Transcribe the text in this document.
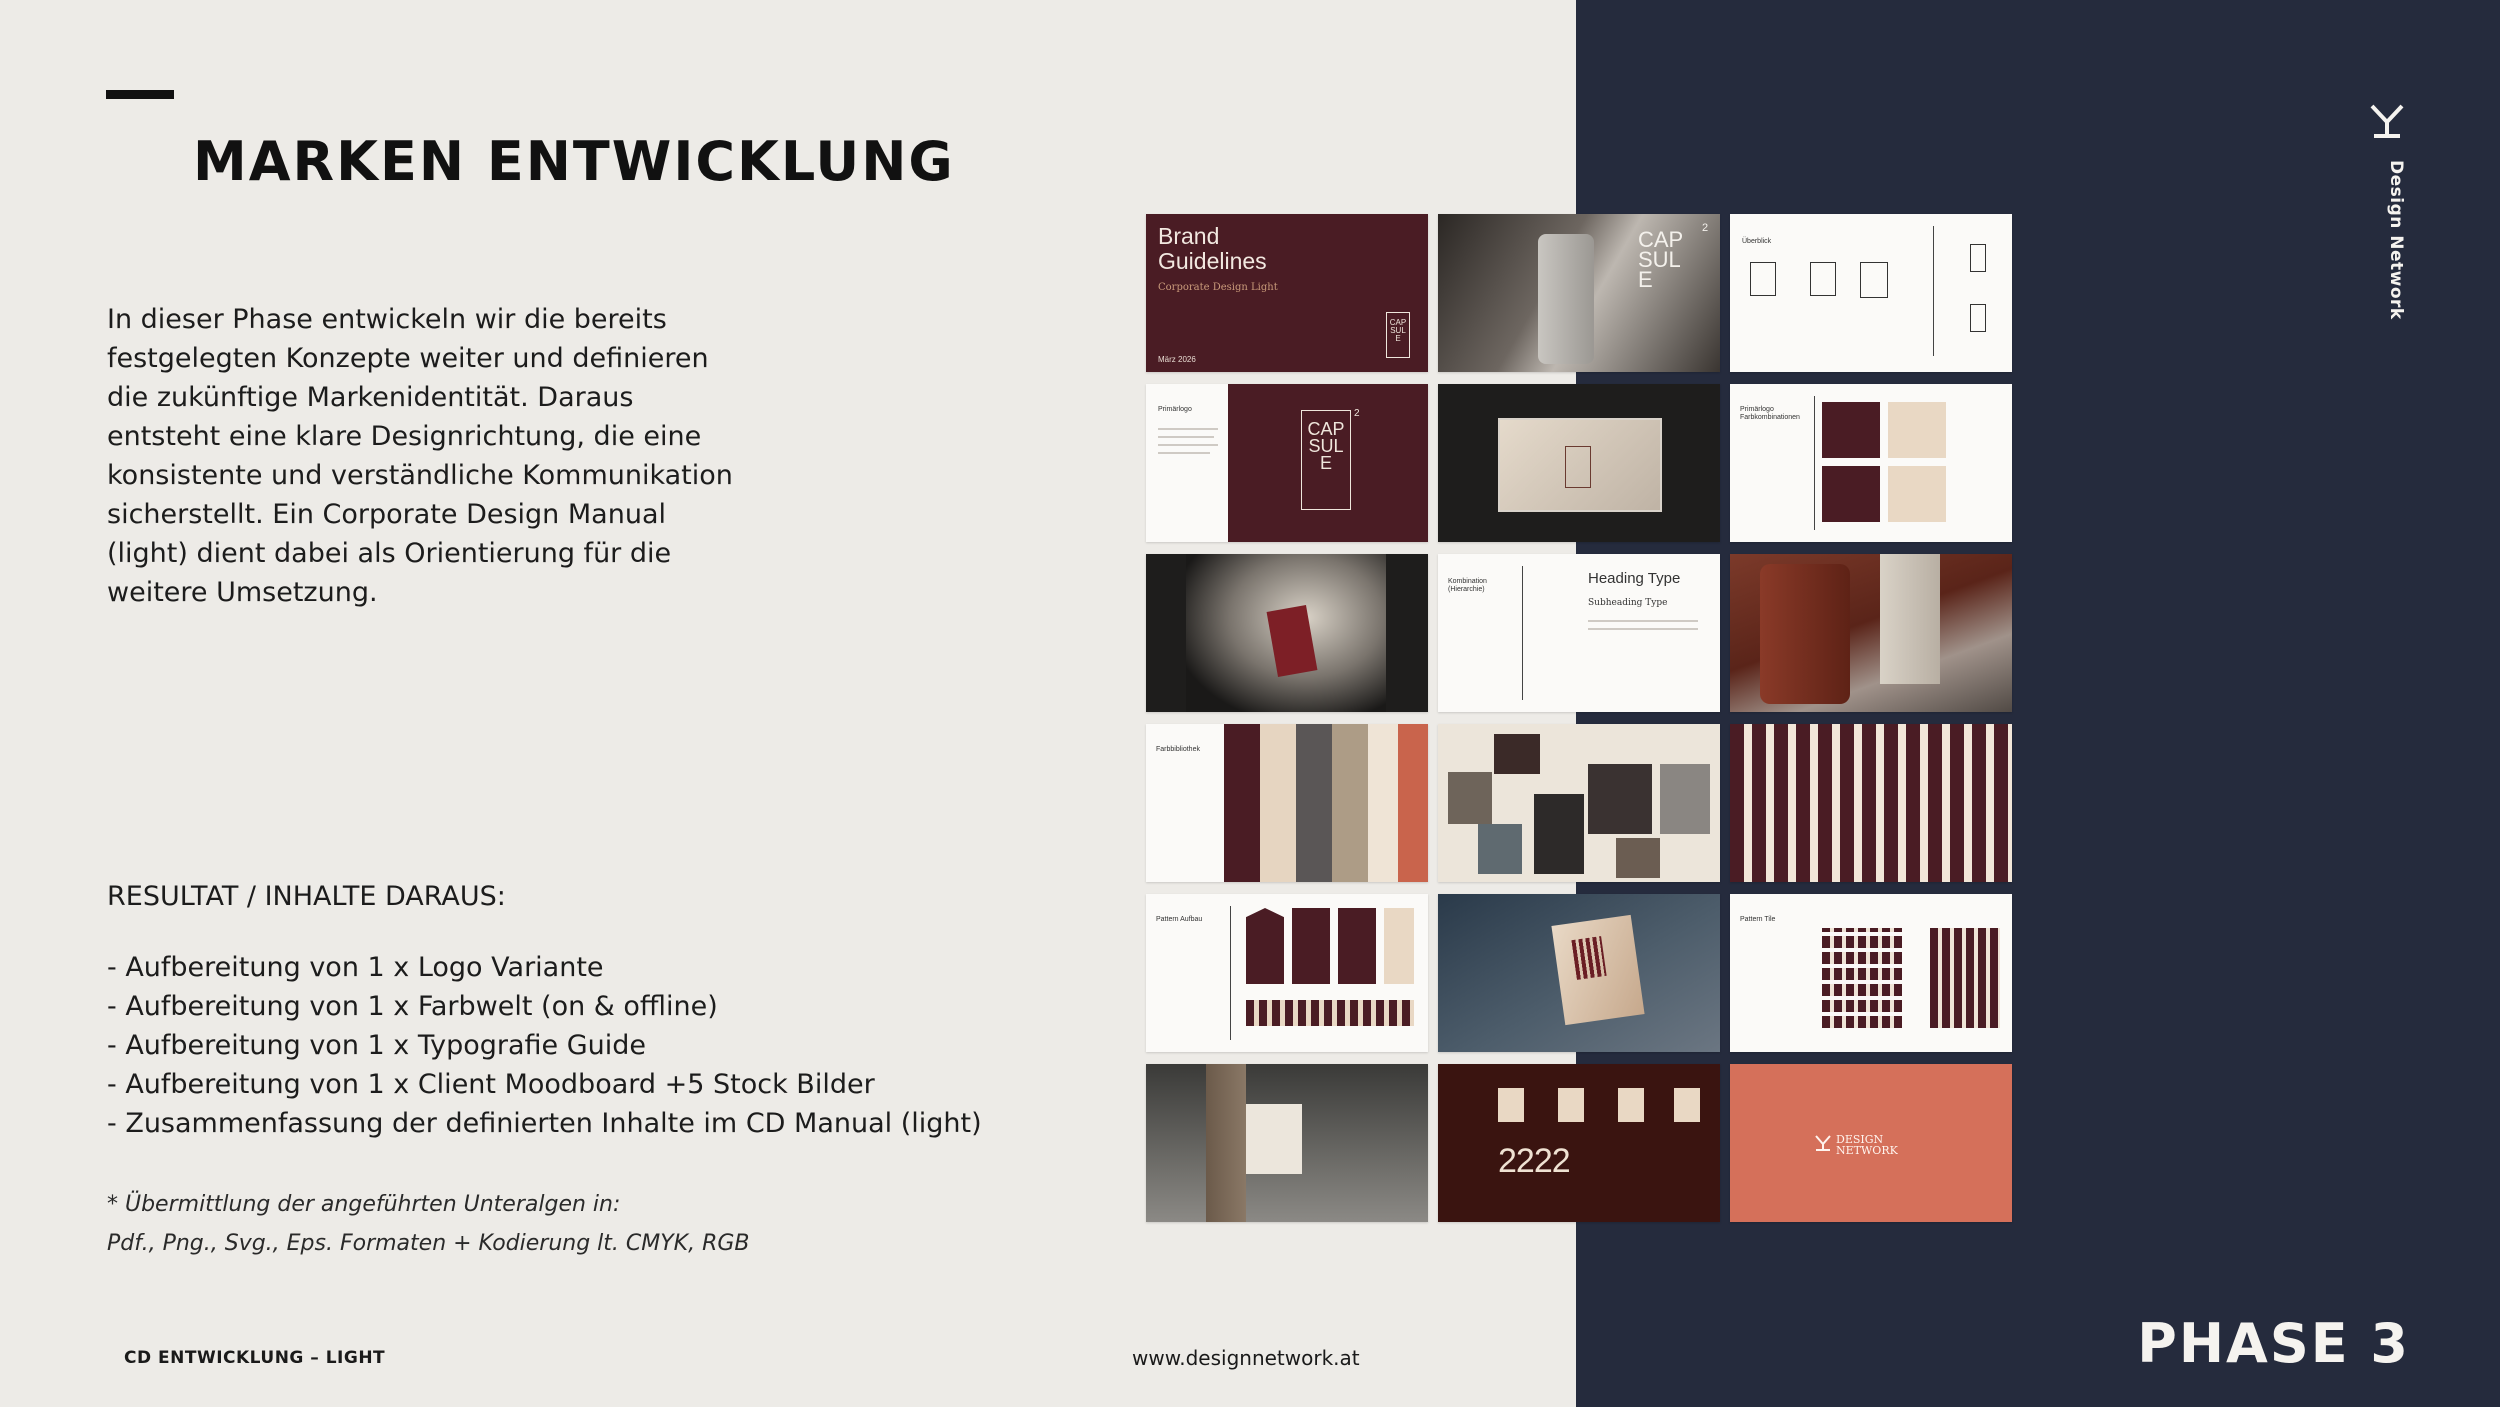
MARKEN ENTWICKLUNG

In dieser Phase entwickeln wir die bereits festgelegten Konzepte weiter und definieren die zukünftige Markenidentität. Daraus entsteht eine klare Designrichtung, die eine konsistente und verständliche Kommunikation sicherstellt. Ein Corporate Design Manual (light) dient dabei als Orientierung für die weitere Umsetzung.

RESULTAT / INHALTE DARAUS:
- Aufbereitung von 1 x Logo Variante
- Aufbereitung von 1 x Farbwelt (on & offline)
- Aufbereitung von 1 x Typografie Guide
- Aufbereitung von 1 x Client Moodboard +5 Stock Bilder
- Zusammenfassung der definierten Inhalte im CD Manual (light)

* Übermittlung der angeführten Unteralgen in:
Pdf., Png., Svg., Eps. Formaten + Kodierung lt. CMYK, RGB

CD ENTWICKLUNG – LIGHT	www.designnetwork.at	PHASE 3
Design Network
Brand
Guidelines
Corporate Design Light
März 2026
CAP
SUL
E
CAP
SUL
E
2
Überblick
Primärlogo
CAP
SUL
E
2	Primärlogo Farbkombinationen
Kombination (Hierarchie)
Heading Type
Subheading Type
Farbbibliothek
Pattern Aufbau	Pattern Tile
2222
DESIGN
NETWORK
